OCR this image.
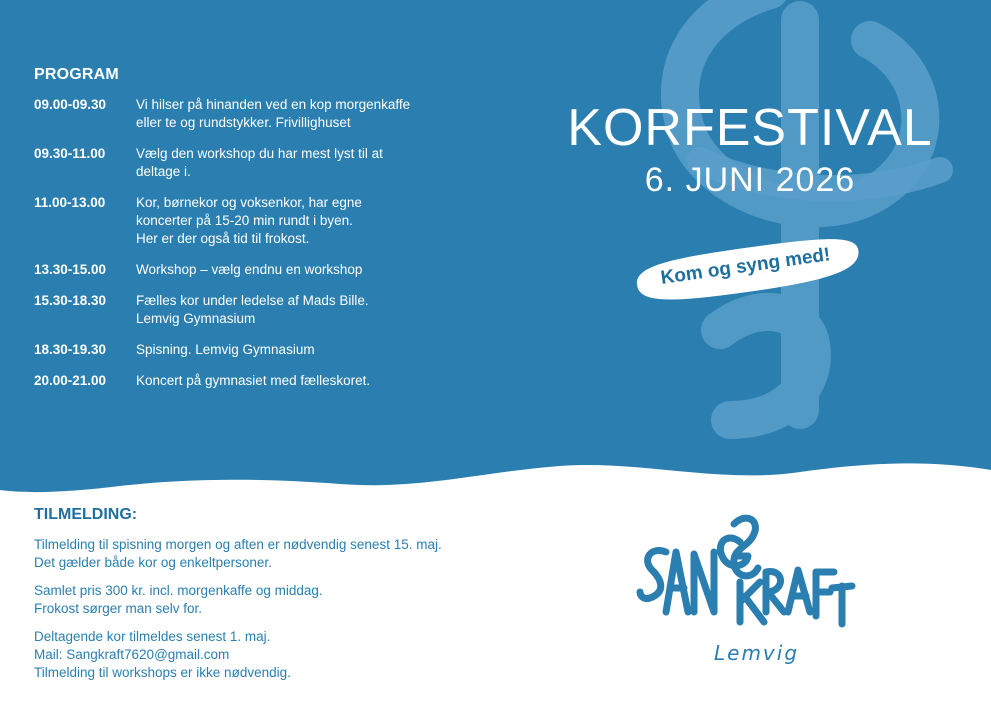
PROGRAM
09.00-09.30	Vi hilser på hinanden ved en kop morgenkaffe
eller te og rundstykker. Frivillighuset
09.30-11.00	Vælg den workshop du har mest lyst til at
deltage i.
11.00-13.00	Kor, børnekor og voksenkor, har egne
koncerter på 15-20 min rundt i byen.
Her er der også tid til frokost.
13.30-15.00	Workshop – vælg endnu en workshop
15.30-18.30	Fælles kor under ledelse af Mads Bille.
Lemvig Gymnasium
18.30-19.30	Spisning. Lemvig Gymnasium
20.00-21.00	Koncert på gymnasiet med fælleskoret.
KORFESTIVAL
6. JUNI 2026
Kom og syng med!
TILMELDING:
Tilmelding til spisning morgen og aften er nødvendig senest 15. maj.
Det gælder både kor og enkeltpersoner.
Samlet pris 300 kr. incl. morgenkaffe og middag.
Frokost sørger man selv for.
Deltagende kor tilmeldes senest 1. maj.
Mail: Sangkraft7620@gmail.com
Tilmelding til workshops er ikke nødvendig.
Lemvig
